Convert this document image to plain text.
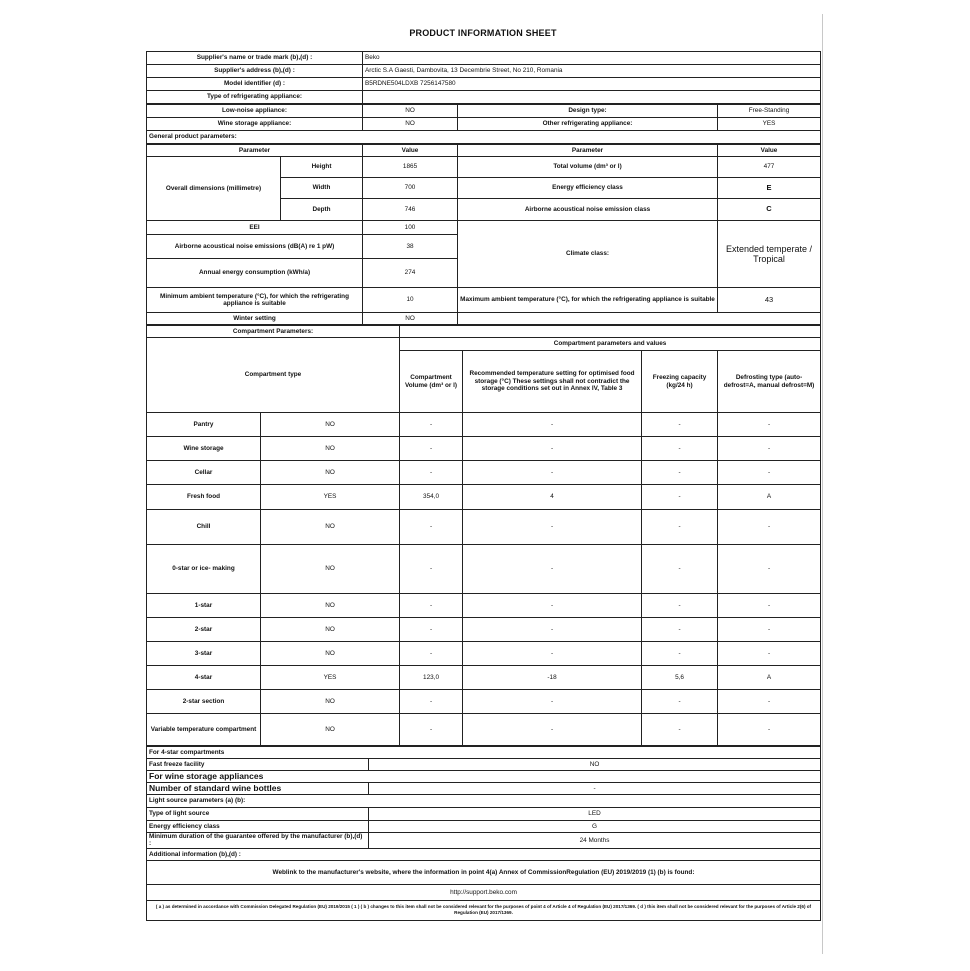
PRODUCT INFORMATION SHEET
Supplier's name or trade mark (b),(d) :	Beko
Supplier's address (b),(d) :	Arctic S.A Gaesti, Dambovita, 13 Decembrie Street, No 210, Romania
Model identifier (d) :	B5RDNE504LDXB 7256147580
Type of refrigerating appliance:	
Low-noise appliance:	NO	Design type:	Free-Standing
Wine storage appliance:	NO	Other refrigerating appliance:	YES
General product parameters:			
Parameter		Value	Parameter	Value
Overall dimensions (millimetre)	Height	1865	Total volume (dm³ or l)	477
	Width	700	Energy efficiency class	E
	Depth	746	Airborne acoustical noise emission class	C
EEI		100	Climate class:	Extended temperate / Tropical
Airborne acoustical noise emissions (dB(A) re 1 pW)		38		
Annual energy consumption (kWh/a)		274		
Minimum ambient temperature (°C), for which the refrigerating appliance is suitable		10	Maximum ambient temperature (°C), for which the refrigerating appliance is suitable	43
Winter setting		NO		
Compartment Parameters:					
Compartment type		Compartment parameters and values			
		Compartment Volume (dm³ or l)	Recommended temperature setting for optimised food storage (°C) These settings shall not contradict the storage conditions set out in Annex IV, Table 3	Freezing capacity (kg/24 h)	Defrosting type (auto-defrost=A, manual defrost=M)
Pantry	NO	-	-	-	-
Wine storage	NO	-	-	-	-
Cellar	NO	-	-	-	-
Fresh food	YES	354,0	4	-	A
Chill	NO	-	-	-	-
0-star or ice- making	NO	-	-	-	-
1-star	NO	-	-	-	-
2-star	NO	-	-	-	-
3-star	NO	-	-	-	-
4-star	YES	123,0	-18	5,6	A
2-star section	NO	-	-	-	-
Variable temperature compartment	NO	-	-	-	-
For 4-star compartments	
Fast freeze facility	NO
For wine storage appliances	
Number of standard wine bottles	-
Light source parameters (a) (b):	
Type of light source	LED
Energy efficiency class	G
Minimum duration of the guarantee offered by the manufacturer (b),(d) :	24 Months
Additional information (b),(d) :	
Weblink to the manufacturer's website, where the information in point 4(a) Annex of CommissionRegulation (EU) 2019/2019 (1) (b) is found:	
http://support.beko.com	
( a ) as determined in accordance with Commission Delegated Regulation (EU) 2019/2015 ( 1 ) ( b ) changes to this item shall not be considered relevant for the purposes of point 4 of Article 4 of Regulation (EU) 2017/1369. ( d ) this item shall not be considered relevant for the purposes of Article 2(6) of Regulation (EU) 2017/1369.	
